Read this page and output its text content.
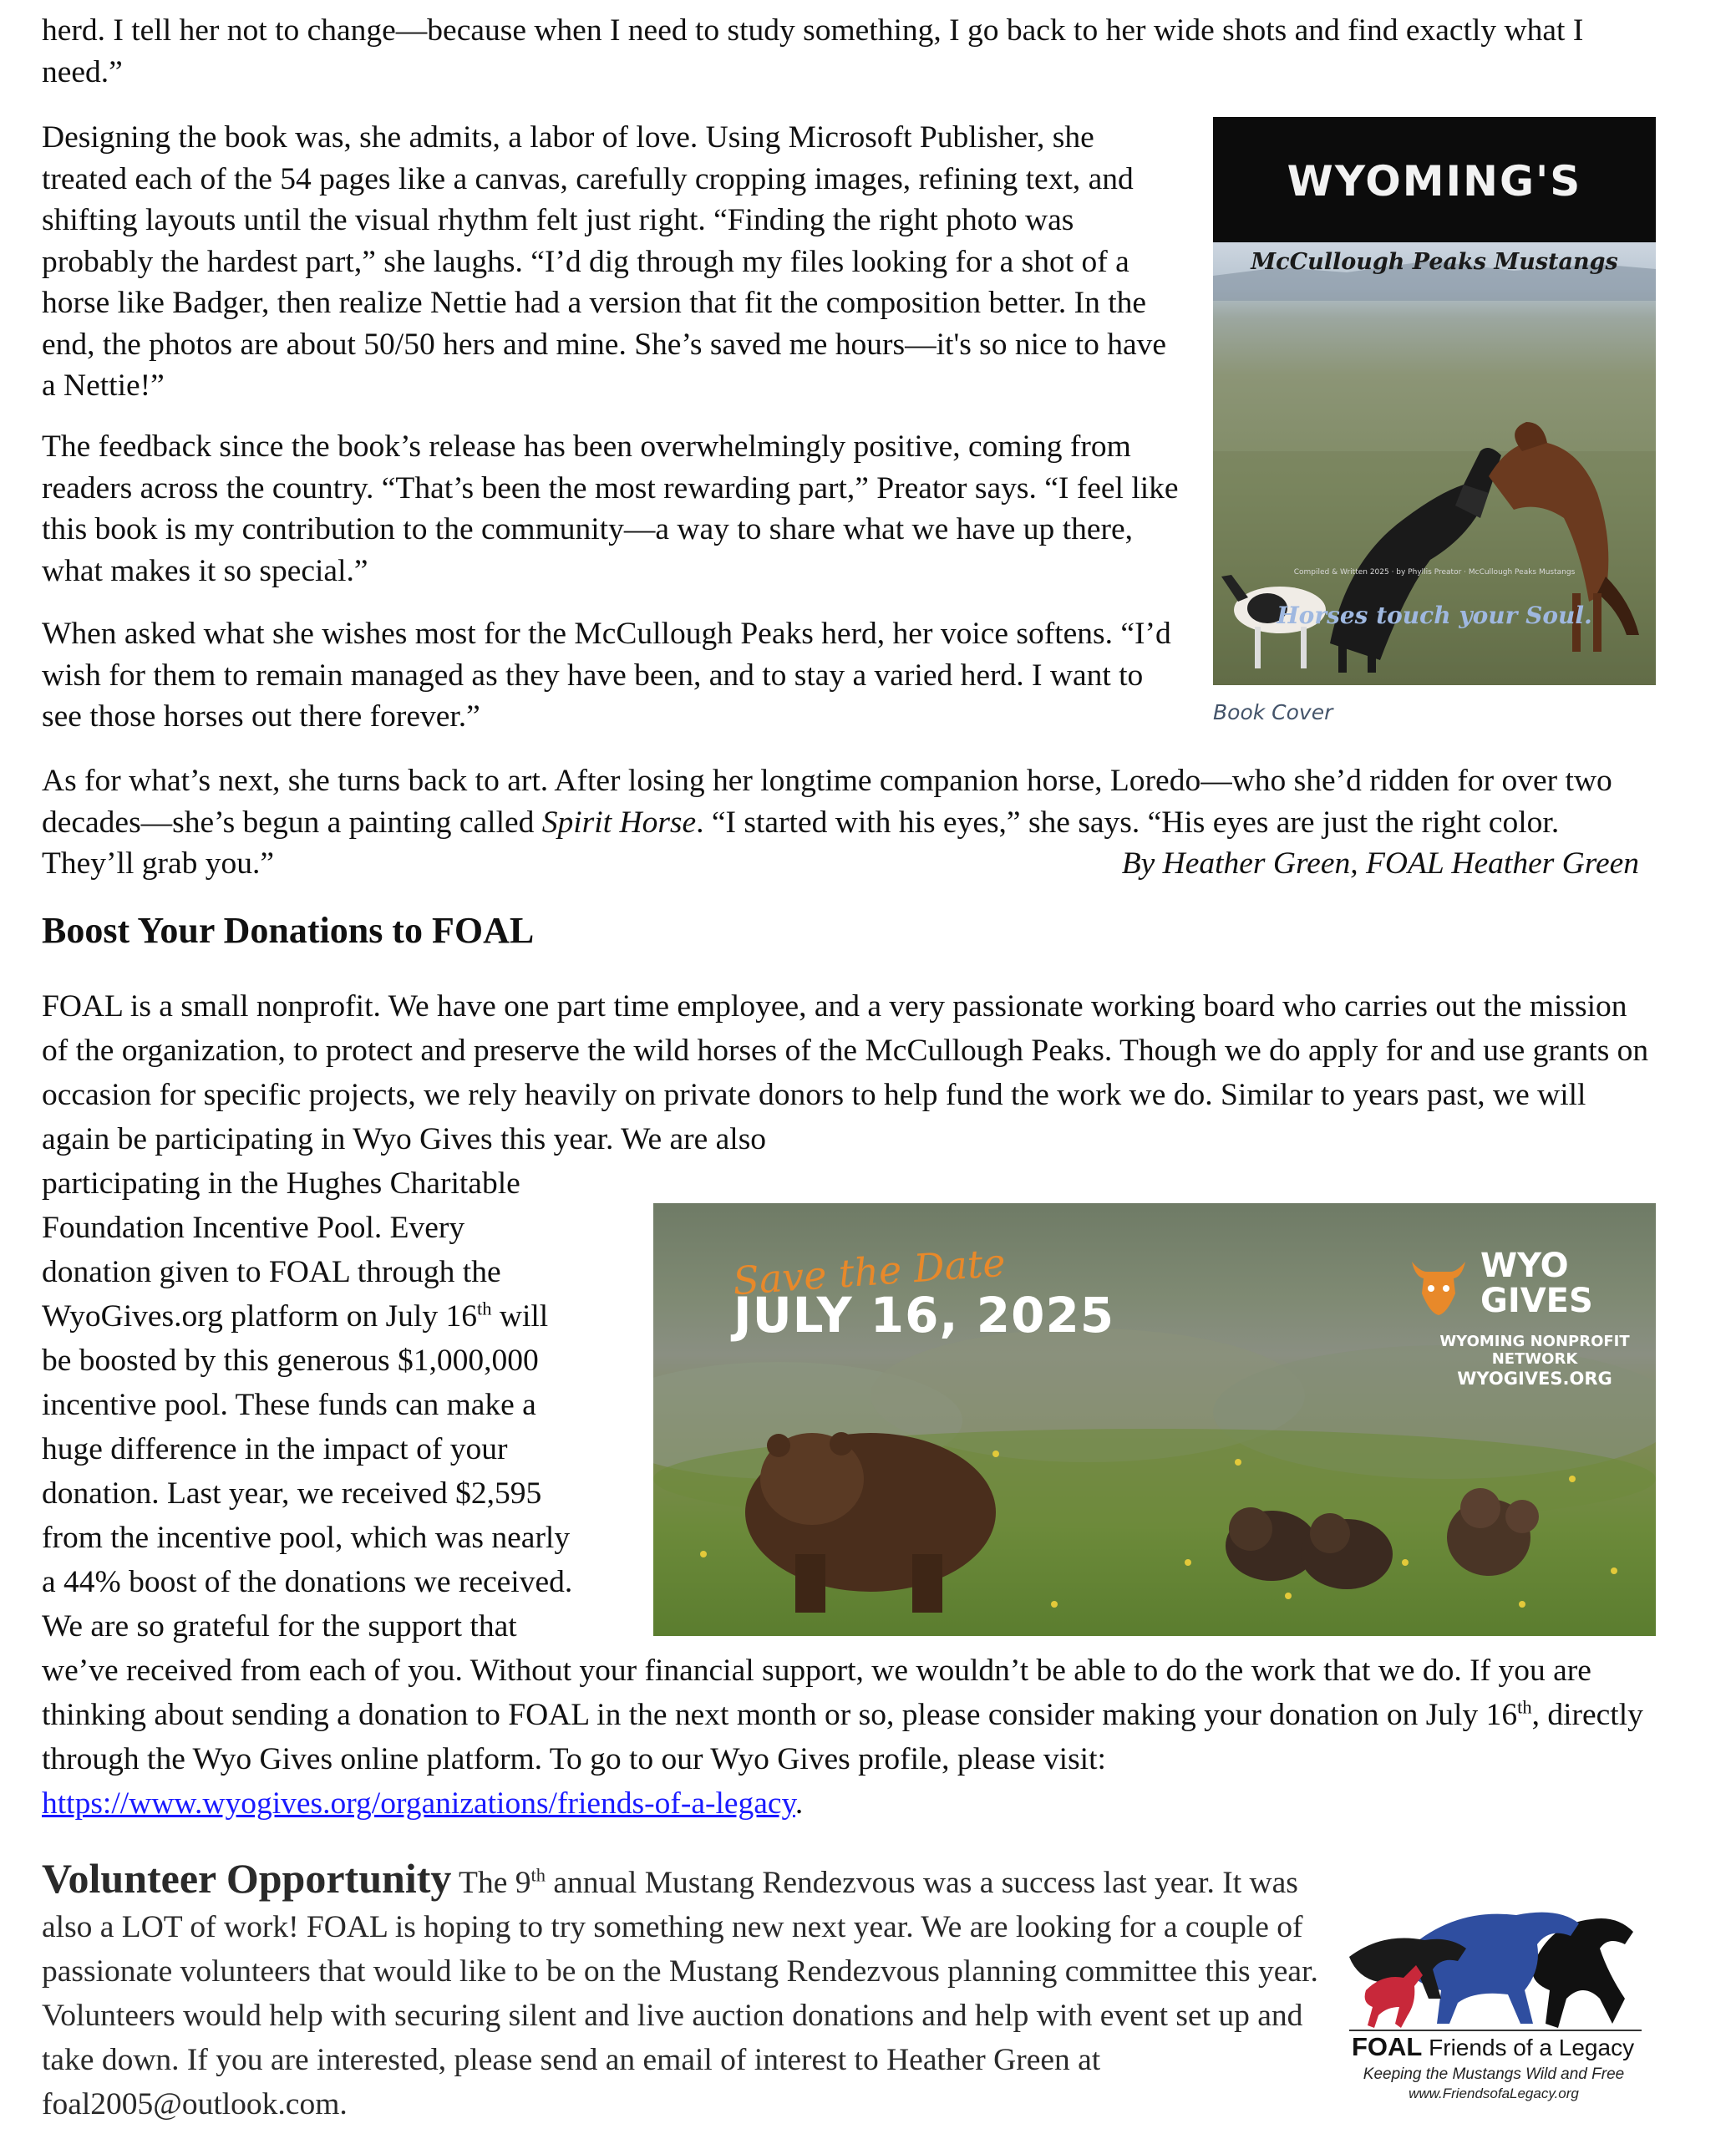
herd. I tell her not to change—because when I need to study something, I go back to her wide shots and find exactly what I need.”

Designing the book was, she admits, a labor of love. Using Microsoft Publisher, she treated each of the 54 pages like a canvas, carefully cropping images, refining text, and shifting layouts until the visual rhythm felt just right. “Finding the right photo was probably the hardest part,” she laughs. “I’d dig through my files looking for a shot of a horse like Badger, then realize Nettie had a version that fit the composition better. In the end, the photos are about 50/50 hers and mine. She’s saved me hours—it's so nice to have a Nettie!”

The feedback since the book’s release has been overwhelmingly positive, coming from readers across the country. “That’s been the most rewarding part,” Preator says. “I feel like this book is my contribution to the community—a way to share what we have up there, what makes it so special.”

When asked what she wishes most for the McCullough Peaks herd, her voice softens. “I’d wish for them to remain managed as they have been, and to stay a varied herd. I want to see those horses out there forever.”

WYOMING'S
McCullough Peaks Mustangs
Compiled & Written 2025 · by Phyllis Preator · McCullough Peaks Mustangs
Horses touch your Soul.
Book Cover

As for what’s next, she turns back to art. After losing her longtime companion horse, Loredo—who she’d ridden for over two decades—she’s begun a painting called Spirit Horse. “I started with his eyes,” she says. “His eyes are just the right color. They’ll grab you.”	By Heather Green, FOAL Heather Green
Boost Your Donations to FOAL

FOAL is a small nonprofit. We have one part time employee, and a very passionate working board who carries out the mission of the organization, to protect and preserve the wild horses of the McCullough Peaks. Though we do apply for and use grants on occasion for specific projects, we rely heavily on private donors to help fund the work we do. Similar to years past, we will again be participating in Wyo Gives this year. We are also

participating in the Hughes Charitable
Foundation Incentive Pool. Every
donation given to FOAL through the
WyoGives.org platform on July 16th will
be boosted by this generous $1,000,000
incentive pool. These funds can make a
huge difference in the impact of your
donation. Last year, we received $2,595
from the incentive pool, which was nearly
a 44% boost of the donations we received.
We are so grateful for the support that
Save the Date
JULY 16, 2025
WYO
GIVES
WYOMING NONPROFIT NETWORK
WYOGIVES.ORG

we’ve received from each of you. Without your financial support, we wouldn’t be able to do the work that we do. If you are thinking about sending a donation to FOAL in the next month or so, please consider making your donation on July 16th, directly through the Wyo Gives online platform. To go to our Wyo Gives profile, please visit: https://www.wyogives.org/organizations/friends-of-a-legacy.

Volunteer Opportunity The 9th annual Mustang Rendezvous was a success last year. It was also a LOT of work! FOAL is hoping to try something new next year. We are looking for a couple of passionate volunteers that would like to be on the Mustang Rendezvous planning committee this year. Volunteers would help with securing silent and live auction donations and help with event set up and take down. If you are interested, please send an email of interest to Heather Green at foal2005@outlook.com.

FOAL Friends of a Legacy
Keeping the Mustangs Wild and Free
www.FriendsofaLegacy.org
